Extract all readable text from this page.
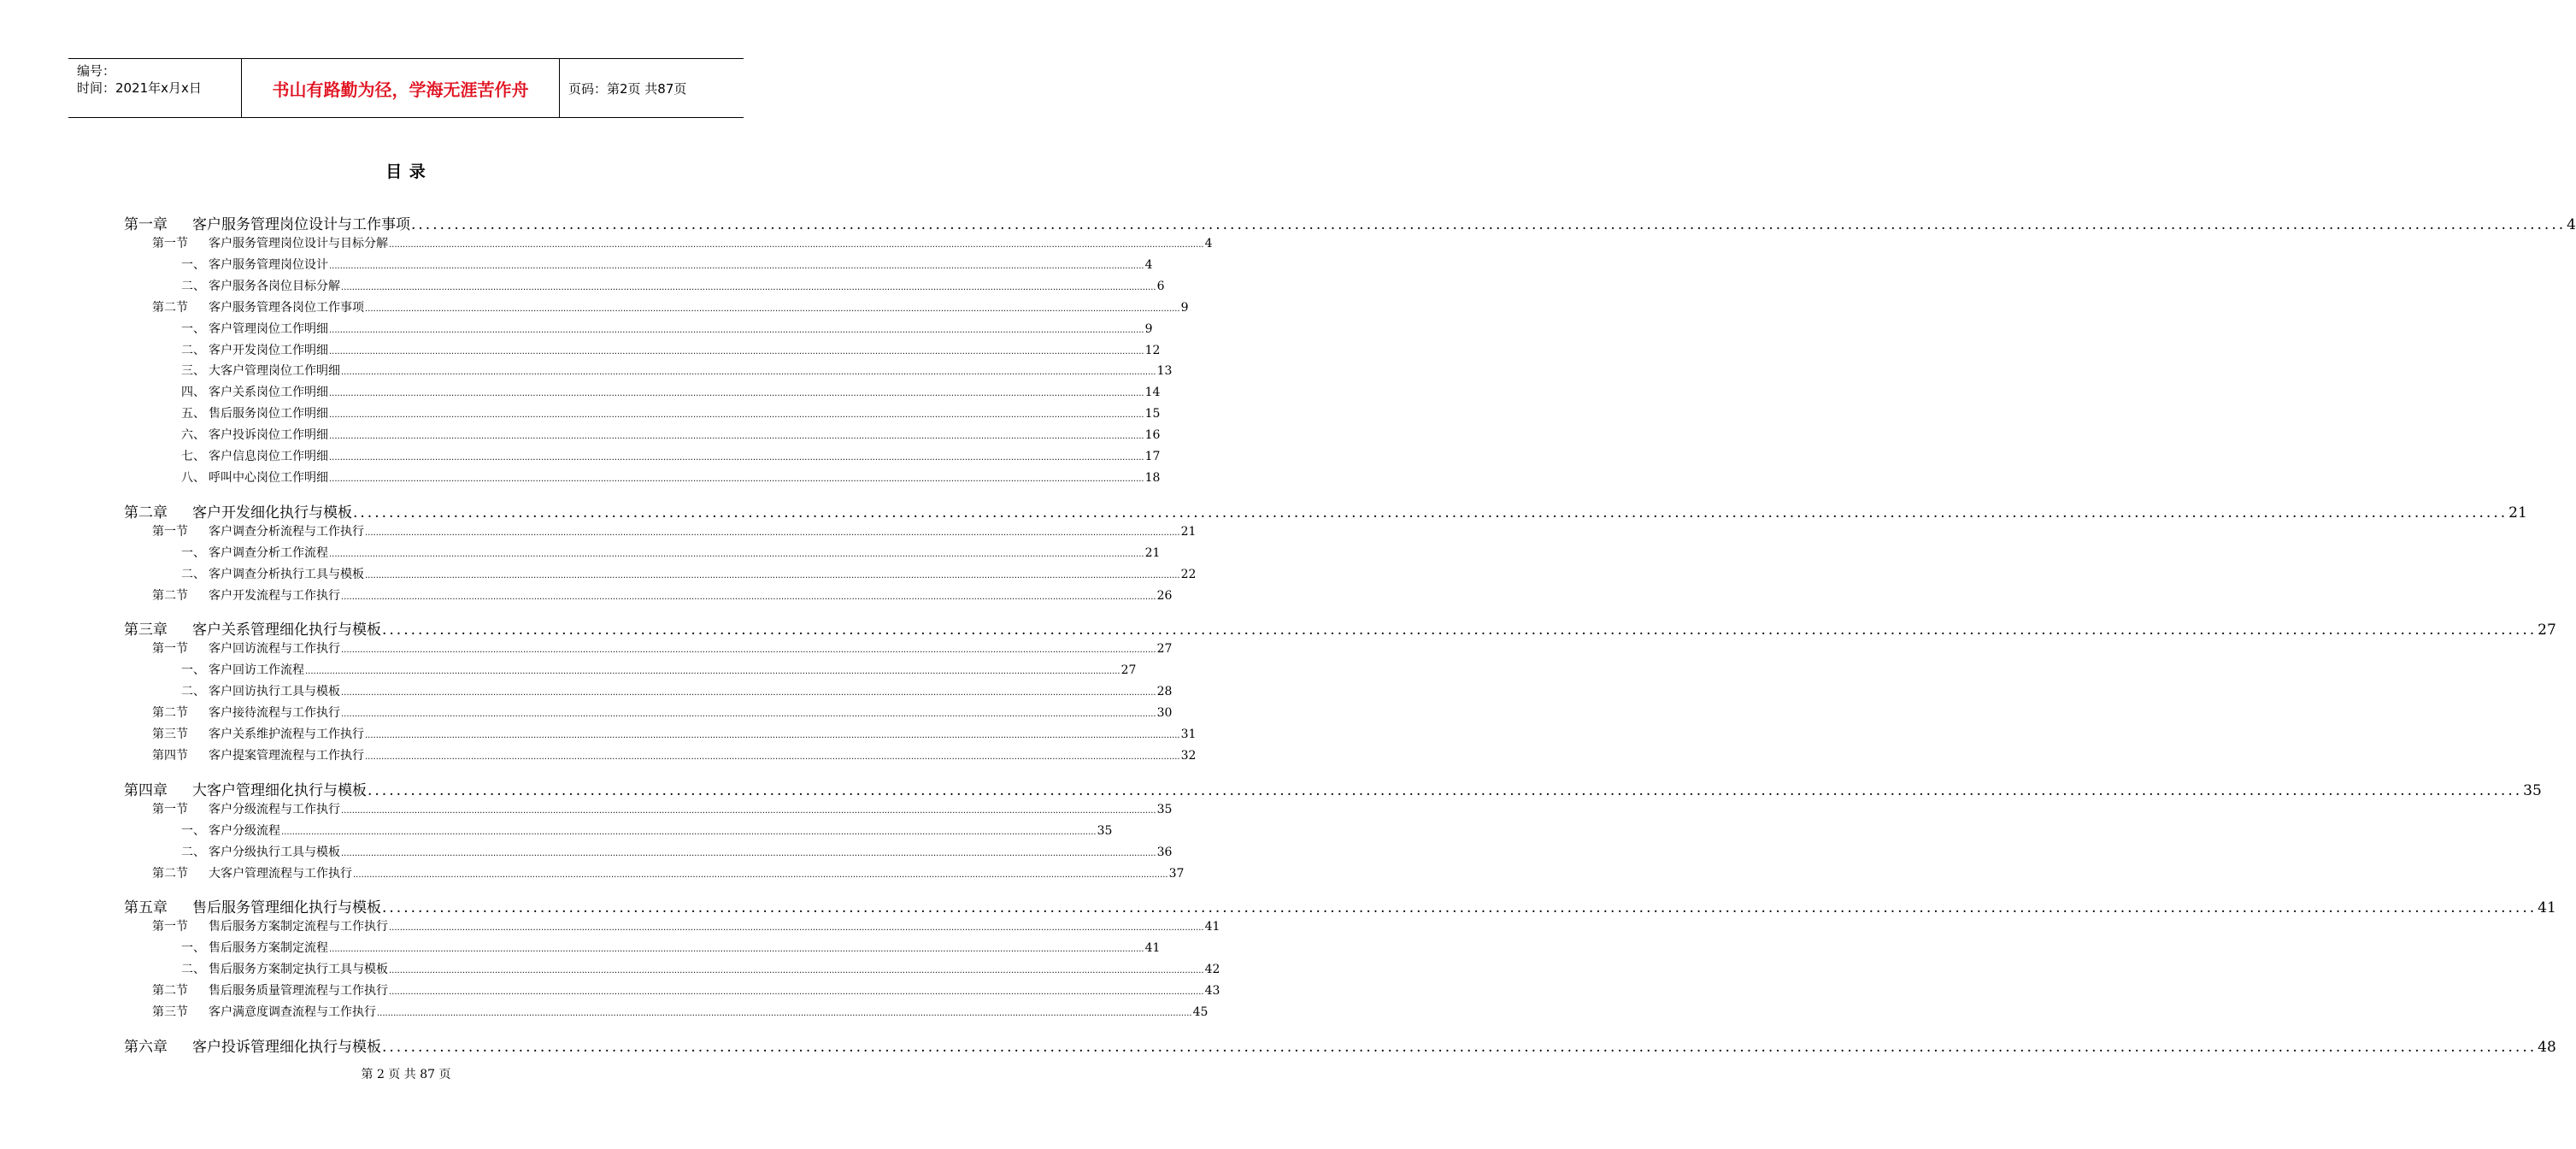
编号：
时间：2021年x月x日	书山有路勤为径，学海无涯苦作舟	页码：第2页 共87页
目 录
第一章	客户服务管理岗位设计与工作事项 ............................................................................................................................................................................................................................................................................................................ 4
第一节	客户服务管理岗位设计与目标分解 ............................................................................................................................................................................................................................................................................................................ 4
一、 客户服务管理岗位设计 ............................................................................................................................................................................................................................................................................................................ 4
二、 客户服务各岗位目标分解 ............................................................................................................................................................................................................................................................................................................ 6
第二节	客户服务管理各岗位工作事项 ............................................................................................................................................................................................................................................................................................................ 9
一、 客户管理岗位工作明细 ............................................................................................................................................................................................................................................................................................................ 9
二、 客户开发岗位工作明细 ............................................................................................................................................................................................................................................................................................................ 12
三、 大客户管理岗位工作明细 ............................................................................................................................................................................................................................................................................................................ 13
四、 客户关系岗位工作明细 ............................................................................................................................................................................................................................................................................................................ 14
五、 售后服务岗位工作明细 ............................................................................................................................................................................................................................................................................................................ 15
六、 客户投诉岗位工作明细 ............................................................................................................................................................................................................................................................................................................ 16
七、 客户信息岗位工作明细 ............................................................................................................................................................................................................................................................................................................ 17
八、 呼叫中心岗位工作明细 ............................................................................................................................................................................................................................................................................................................ 18
第二章	客户开发细化执行与模板 ............................................................................................................................................................................................................................................................................................................ 21
第一节	客户调查分析流程与工作执行 ............................................................................................................................................................................................................................................................................................................ 21
一、 客户调查分析工作流程 ............................................................................................................................................................................................................................................................................................................ 21
二、 客户调查分析执行工具与模板 ............................................................................................................................................................................................................................................................................................................ 22
第二节	客户开发流程与工作执行 ............................................................................................................................................................................................................................................................................................................ 26
第三章	客户关系管理细化执行与模板 ............................................................................................................................................................................................................................................................................................................ 27
第一节	客户回访流程与工作执行 ............................................................................................................................................................................................................................................................................................................ 27
一、 客户回访工作流程 ............................................................................................................................................................................................................................................................................................................ 27
二、 客户回访执行工具与模板 ............................................................................................................................................................................................................................................................................................................ 28
第二节	客户接待流程与工作执行 ............................................................................................................................................................................................................................................................................................................ 30
第三节	客户关系维护流程与工作执行 ............................................................................................................................................................................................................................................................................................................ 31
第四节	客户提案管理流程与工作执行 ............................................................................................................................................................................................................................................................................................................ 32
第四章	大客户管理细化执行与模板 ............................................................................................................................................................................................................................................................................................................ 35
第一节	客户分级流程与工作执行 ............................................................................................................................................................................................................................................................................................................ 35
一、 客户分级流程 ............................................................................................................................................................................................................................................................................................................ 35
二、 客户分级执行工具与模板 ............................................................................................................................................................................................................................................................................................................ 36
第二节	大客户管理流程与工作执行 ............................................................................................................................................................................................................................................................................................................ 37
第五章	售后服务管理细化执行与模板 ............................................................................................................................................................................................................................................................................................................ 41
第一节	售后服务方案制定流程与工作执行 ............................................................................................................................................................................................................................................................................................................ 41
一、 售后服务方案制定流程 ............................................................................................................................................................................................................................................................................................................ 41
二、 售后服务方案制定执行工具与模板 ............................................................................................................................................................................................................................................................................................................ 42
第二节	售后服务质量管理流程与工作执行 ............................................................................................................................................................................................................................................................................................................ 43
第三节	客户满意度调查流程与工作执行 ............................................................................................................................................................................................................................................................................................................ 45
第六章	客户投诉管理细化执行与模板 ............................................................................................................................................................................................................................................................................................................ 48
第 2 页 共 87 页
